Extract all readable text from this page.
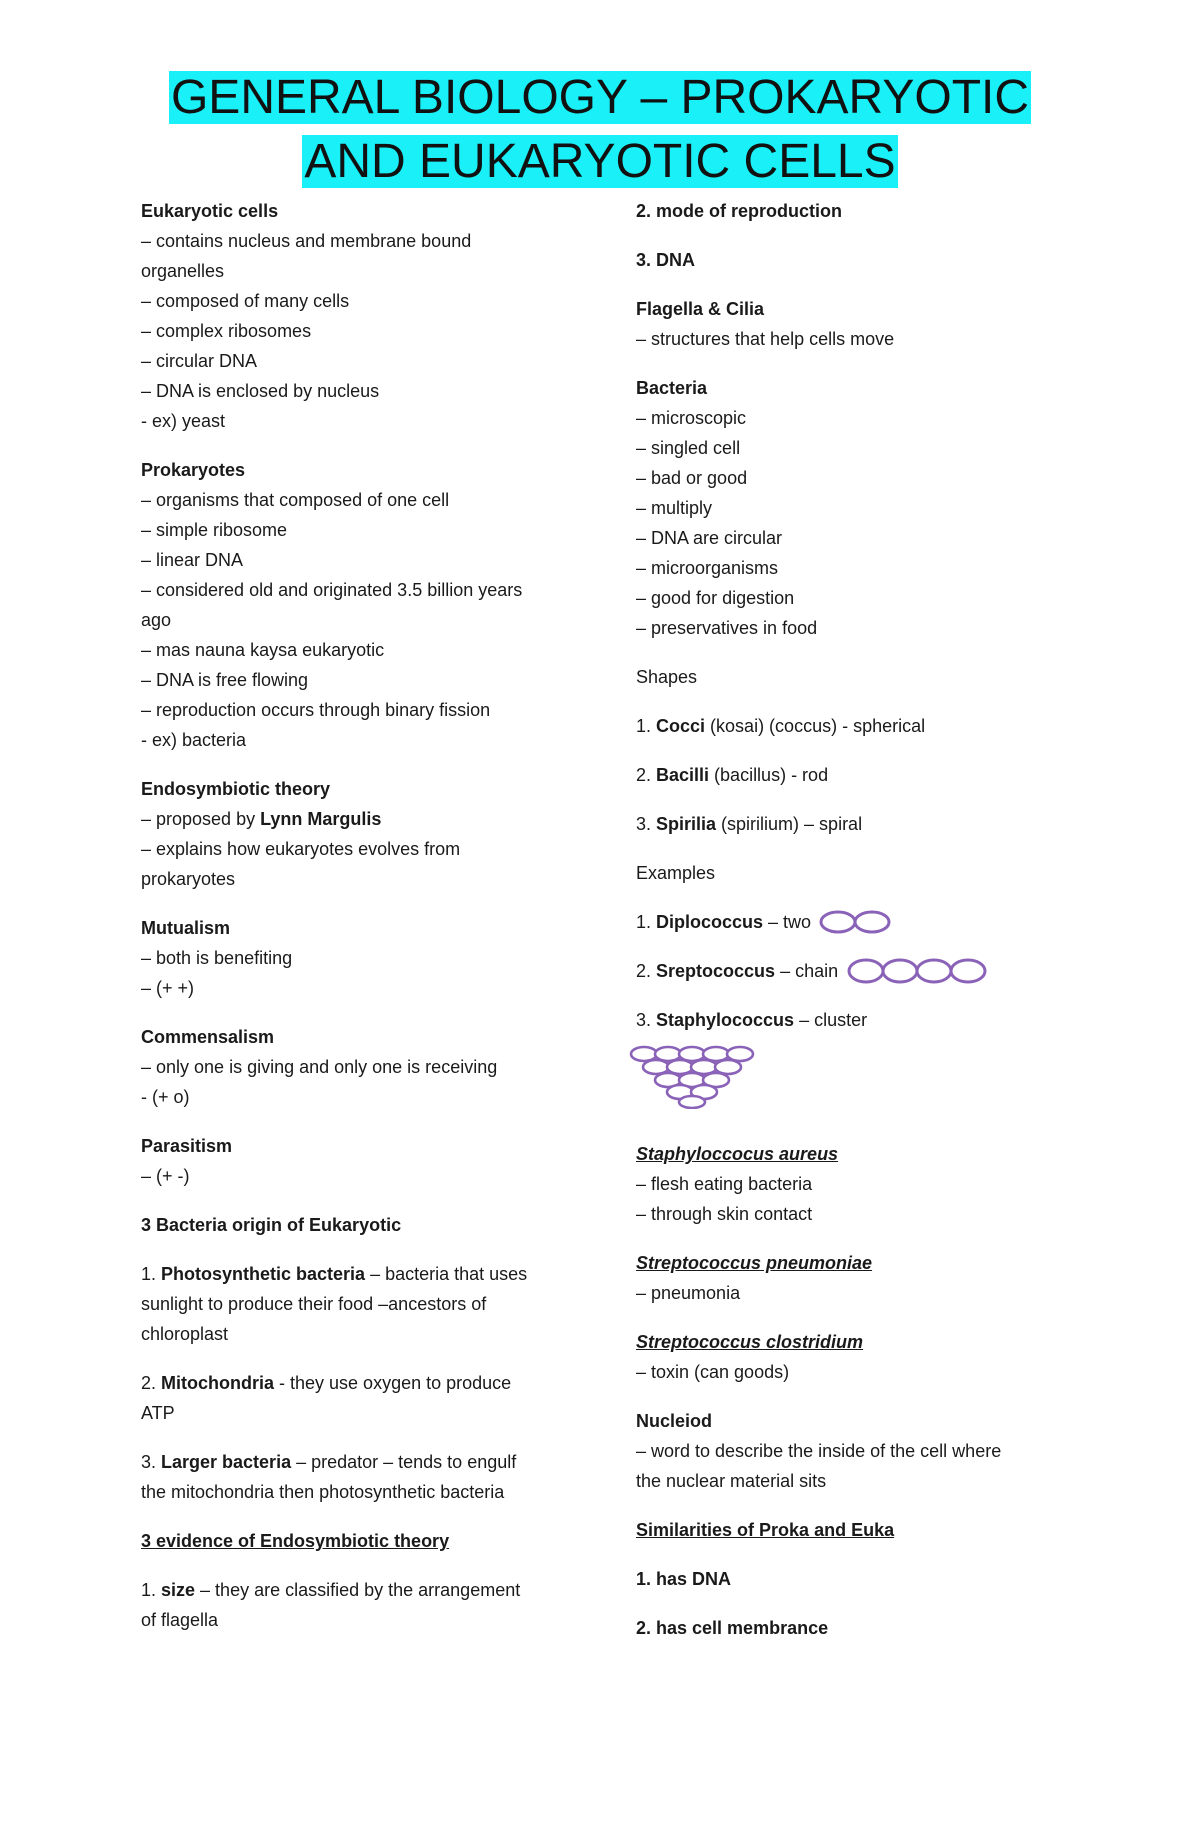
GENERAL BIOLOGY – PROKARYOTIC
AND EUKARYOTIC CELLS
Eukaryotic cells
– contains nucleus and membrane bound
organelles
– composed of many cells
– complex ribosomes
– circular DNA
– DNA is enclosed by nucleus
- ex) yeast
Prokaryotes
– organisms that composed of one cell
– simple ribosome
– linear DNA
– considered old and originated 3.5 billion years
ago
– mas nauna kaysa eukaryotic
– DNA is free flowing
– reproduction occurs through binary fission
- ex) bacteria
Endosymbiotic theory
– proposed by Lynn Margulis
– explains how eukaryotes evolves from
prokaryotes
Mutualism
– both is benefiting
– (+ +)
Commensalism
– only one is giving and only one is receiving
- (+ o)
Parasitism
– (+ -)
3 Bacteria origin of Eukaryotic
1. Photosynthetic bacteria – bacteria that uses
sunlight to produce their food –ancestors of
chloroplast
2. Mitochondria - they use oxygen to produce
ATP
3. Larger bacteria – predator – tends to engulf
the mitochondria then photosynthetic bacteria
3 evidence of Endosymbiotic theory
1. size – they are classified by the arrangement
of flagella
2. mode of reproduction
3. DNA
Flagella & Cilia
– structures that help cells move
Bacteria
– microscopic
– singled cell
– bad or good
– multiply
– DNA are circular
– microorganisms
– good for digestion
– preservatives in food
Shapes
1. Cocci (kosai) (coccus) - spherical
2. Bacilli (bacillus) - rod
3. Spirilia (spirilium) – spiral
Examples
1. Diplococcus – two
2. Sreptococcus – chain
3. Staphylococcus – cluster
Staphyloccocus aureus
– flesh eating bacteria
– through skin contact
Streptococcus pneumoniae
– pneumonia
Streptococcus clostridium
– toxin (can goods)
Nucleiod
– word to describe the inside of the cell where
the nuclear material sits
Similarities of Proka and Euka
1. has DNA
2. has cell membrance
